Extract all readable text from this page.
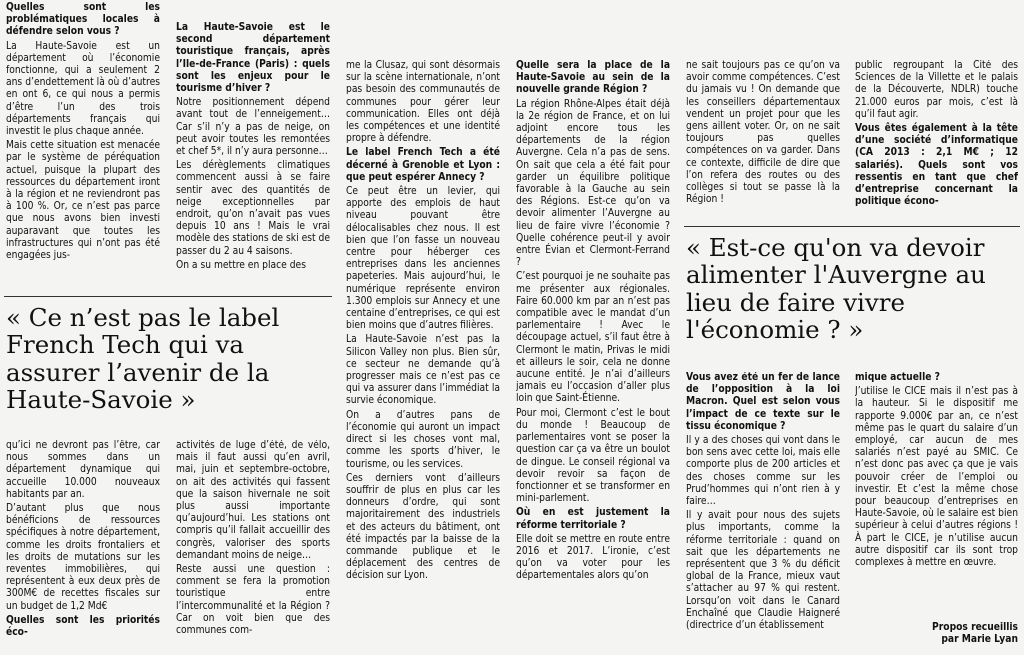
Quelles sont les problématiques locales à défendre selon vous ?

La Haute-Savoie est un département où l’économie fonctionne, qui a seulement 2 ans d’endettement là où d’autres en ont 6, ce qui nous a permis d’être l’un des trois départements français qui investit le plus chaque année.

Mais cette situation est menacée par le système de péréquation actuel, puisque la plupart des ressources du département iront à la région et ne reviendront pas à 100 %. Or, ce n’est pas parce que nous avons bien investi auparavant que toutes les infrastructures qui n’ont pas été engagées jus-

La Haute-Savoie est le second département touristique français, après l’Ile-de-France (Paris) : quels sont les enjeux pour le tourisme d’hiver ?

Notre positionnement dépend avant tout de l’enneigement… Car s’il n’y a pas de neige, on peut avoir toutes les remontées et chef 5*, il n’y aura personne…

Les dérèglements climatiques commencent aussi à se faire sentir avec des quantités de neige exceptionnelles par endroit, qu’on n’avait pas vues depuis 10 ans ! Mais le vrai modèle des stations de ski est de passer du 2 au 4 saisons.

On a su mettre en place des

me la Clusaz, qui sont désormais sur la scène internationale, n’ont pas besoin des communautés de communes pour gérer leur communication. Elles ont déjà les compétences et une identité propre à défendre.

Le label French Tech a été décerné à Grenoble et Lyon : que peut espérer Annecy ?

Ce peut être un levier, qui apporte des emplois de haut niveau pouvant être délocalisables chez nous. Il est bien que l’on fasse un nouveau centre pour héberger ces entreprises dans les anciennes papeteries. Mais aujourd’hui, le numérique représente environ 1.300 emplois sur Annecy et une centaine d’entreprises, ce qui est bien moins que d’autres filières.

La Haute-Savoie n’est pas la Silicon Valley non plus. Bien sûr, ce secteur ne demande qu’à progresser mais ce n’est pas ce qui va assurer dans l’immédiat la survie économique.

On a d’autres pans de l’économie qui auront un impact direct si les choses vont mal, comme les sports d’hiver, le tourisme, ou les services.

Ces derniers vont d’ailleurs souffrir de plus en plus car les donneurs d’ordre, qui sont majoritairement des industriels et des acteurs du bâtiment, ont été impactés par la baisse de la commande publique et le déplacement des centres de décision sur Lyon.

Quelle sera la place de la Haute-Savoie au sein de la nouvelle grande Région ?

La région Rhône-Alpes était déjà la 2e région de France, et on lui adjoint encore tous les départements de la région Auvergne. Cela n’a pas de sens. On sait que cela a été fait pour garder un équilibre politique favorable à la Gauche au sein des Régions. Est-ce qu’on va devoir alimenter l’Auvergne au lieu de faire vivre l’économie ? Quelle cohérence peut-il y avoir entre Évian et Clermont-Ferrand ?

C’est pourquoi je ne souhaite pas me présenter aux régionales. Faire 60.000 km par an n’est pas compatible avec le mandat d’un parlementaire ! Avec le découpage actuel, s’il faut être à Clermont le matin, Privas le midi et ailleurs le soir, cela ne donne aucune entité. Je n’ai d’ailleurs jamais eu l’occasion d’aller plus loin que Saint-Étienne.

Pour moi, Clermont c’est le bout du monde ! Beaucoup de parlementaires vont se poser la question car ça va être un boulot de dingue. Le conseil régional va devoir revoir sa façon de fonctionner et se transformer en mini-parlement.

Où en est justement la réforme territoriale ?

Elle doit se mettre en route entre 2016 et 2017. L’ironie, c’est qu’on va voter pour les départementales alors qu’on

ne sait toujours pas ce qu’on va avoir comme compétences. C’est du jamais vu ! On demande que les conseillers départementaux vendent un projet pour que les gens aillent voter. Or, on ne sait toujours pas quelles compétences on va garder. Dans ce contexte, difficile de dire que l’on refera des routes ou des collèges si tout se passe là la Région !

public regroupant la Cité des Sciences de la Villette et le palais de la Découverte, NDLR) touche 21.000 euros par mois, c’est là qu’il faut agir.

Vous êtes également à la tête d’une société d’informatique (CA 2013 : 2,1 M€ ; 12 salariés). Quels sont vos ressentis en tant que chef d’entreprise concernant la politique écono-

« Ce n’est pas le label French Tech qui va assurer l’avenir de la Haute-Savoie »
« Est-ce qu'on va devoir alimenter l'Auvergne au lieu de faire vivre l'économie ? »

qu’ici ne devront pas l’être, car nous sommes dans un département dynamique qui accueille 10.000 nouveaux habitants par an.

D’autant plus que nous bénéficions de ressources spécifiques à notre département, comme les droits frontaliers et les droits de mutations sur les reventes immobilières, qui représentent à eux deux près de 300M€ de recettes fiscales sur un budget de 1,2 Md€

Quelles sont les priorités éco-

activités de luge d’été, de vélo, mais il faut aussi qu’en avril, mai, juin et septembre-octobre, on ait des activités qui fassent que la saison hivernale ne soit plus aussi importante qu’aujourd’hui. Les stations ont compris qu’il fallait accueillir des congrès, valoriser des sports demandant moins de neige…

Reste aussi une question : comment se fera la promotion touristique entre l’intercommunalité et la Région ? Car on voit bien que des communes com-

Vous avez été un fer de lance de l’opposition à la loi Macron. Quel est selon vous l’impact de ce texte sur le tissu économique ?

Il y a des choses qui vont dans le bon sens avec cette loi, mais elle comporte plus de 200 articles et des choses comme sur les Prud’hommes qui n’ont rien à y faire…

Il y avait pour nous des sujets plus importants, comme la réforme territoriale : quand on sait que les départements ne représentent que 3 % du déficit global de la France, mieux vaut s’attacher au 97 % qui restent. Lorsqu’on voit dans le Canard Enchaîné que Claudie Haigneré (directrice d’un établissement

mique actuelle ?

J’utilise le CICE mais il n’est pas à la hauteur. Si le dispositif me rapporte 9.000€ par an, ce n’est même pas le quart du salaire d’un employé, car aucun de mes salariés n’est payé au SMIC. Ce n’est donc pas avec ça que je vais pouvoir créer de l’emploi ou investir. Et c’est la même chose pour beaucoup d’entreprises en Haute-Savoie, où le salaire est bien supérieur à celui d’autres régions ! À part le CICE, je n’utilise aucun autre dispositif car ils sont trop complexes à mettre en œuvre.

Propos recueillis
par Marie Lyan
